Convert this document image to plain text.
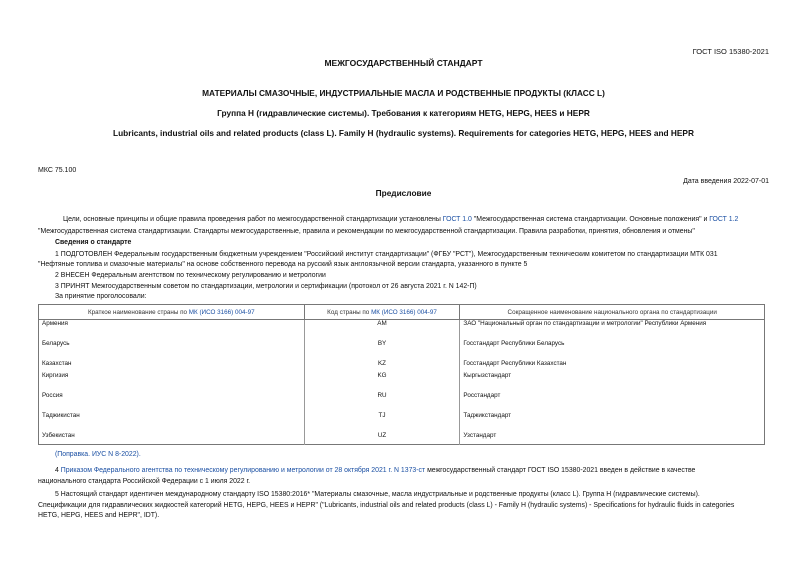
ГОСТ ISO 15380-2021
МЕЖГОСУДАРСТВЕННЫЙ СТАНДАРТ
МАТЕРИАЛЫ СМАЗОЧНЫЕ, ИНДУСТРИАЛЬНЫЕ МАСЛА И РОДСТВЕННЫЕ ПРОДУКТЫ (КЛАСС L)
Группа H (гидравлические системы). Требования к категориям HETG, HEPG, HEES и HEPR
Lubricants, industrial oils and related products (class L). Family H (hydraulic systems). Requirements for categories HETG, HEPG, HEES and HEPR
МКС 75.100
Дата введения 2022-07-01
Предисловие
Цели, основные принципы и общие правила проведения работ по межгосударственной стандартизации установлены ГОСТ 1.0 "Межгосударственная система стандартизации. Основные положения" и ГОСТ 1.2
"Межгосударственная система стандартизации. Стандарты межгосударственные, правила и рекомендации по межгосударственной стандартизации. Правила разработки, принятия, обновления и отмены"
Сведения о стандарте
1 ПОДГОТОВЛЕН Федеральным государственным бюджетным учреждением "Российский институт стандартизации" (ФГБУ "РСТ"), Межгосударственным техническим комитетом по стандартизации МТК 031
"Нефтяные топлива и смазочные материалы" на основе собственного перевода на русский язык англоязычной версии стандарта, указанного в пункте 5
2 ВНЕСЕН Федеральным агентством по техническому регулированию и метрологии
3 ПРИНЯТ Межгосударственным советом по стандартизации, метрологии и сертификации (протокол от 26 августа 2021 г. N 142-П)
За принятие проголосовали:
Краткое наименование страны по МК (ИСО 3166) 004-97	Код страны по МК (ИСО 3166) 004-97	Сокращенное наименование национального органа по стандартизации
Армения	AM	ЗАО "Национальный орган по стандартизации и метрологии" Республики Армения
Беларусь	BY	Госстандарт Республики Беларусь
Казахстан	KZ	Госстандарт Республики Казахстан
Киргизия	KG	Кыргызстандарт
Россия	RU	Росстандарт
Таджикистан	TJ	Таджикстандарт
Узбекистан	UZ	Узстандарт
(Поправка. ИУС N 8-2022).
4 Приказом Федерального агентства по техническому регулированию и метрологии от 28 октября 2021 г. N 1373-ст межгосударственный стандарт ГОСТ ISO 15380-2021 введен в действие в качестве
национального стандарта Российской Федерации с 1 июля 2022 г.
5 Настоящий стандарт идентичен международному стандарту ISO 15380:2016* "Материалы смазочные, масла индустриальные и родственные продукты (класс L). Группа H (гидравлические системы).
Спецификации для гидравлических жидкостей категорий HETG, HEPG, HEES и HEPR" ("Lubricants, industrial oils and related products (class L) - Family H (hydraulic systems) - Specifications for hydraulic fluids in categories
HETG, HEPG, HEES and HEPR", IDT).
